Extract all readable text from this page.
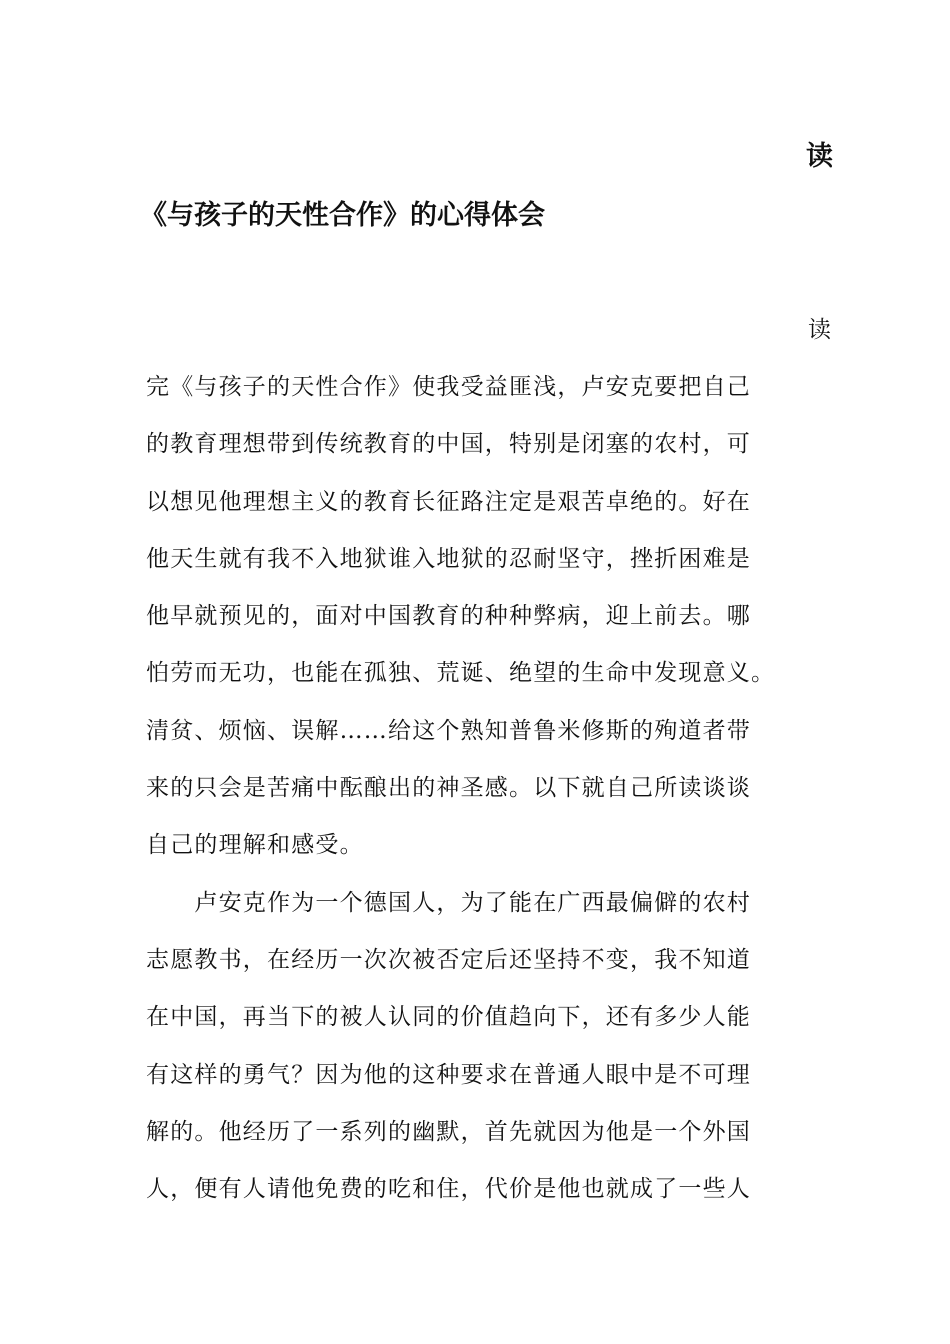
读
《与孩子的天性合作》的心得体会
读
完《与孩子的天性合作》使我受益匪浅，卢安克要把自己
的教育理想带到传统教育的中国，特别是闭塞的农村，可
以想见他理想主义的教育长征路注定是艰苦卓绝的。好在
他天生就有我不入地狱谁入地狱的忍耐坚守，挫折困难是
他早就预见的，面对中国教育的种种弊病，迎上前去。哪
怕劳而无功，也能在孤独、荒诞、绝望的生命中发现意义。
清贫、烦恼、误解……给这个熟知普鲁米修斯的殉道者带
来的只会是苦痛中酝酿出的神圣感。以下就自己所读谈谈
自己的理解和感受。
　　卢安克作为一个德国人，为了能在广西最偏僻的农村
志愿教书，在经历一次次被否定后还坚持不变，我不知道
在中国，再当下的被人认同的价值趋向下，还有多少人能
有这样的勇气？因为他的这种要求在普通人眼中是不可理
解的。他经历了一系列的幽默，首先就因为他是一个外国
人，便有人请他免费的吃和住，代价是他也就成了一些人
